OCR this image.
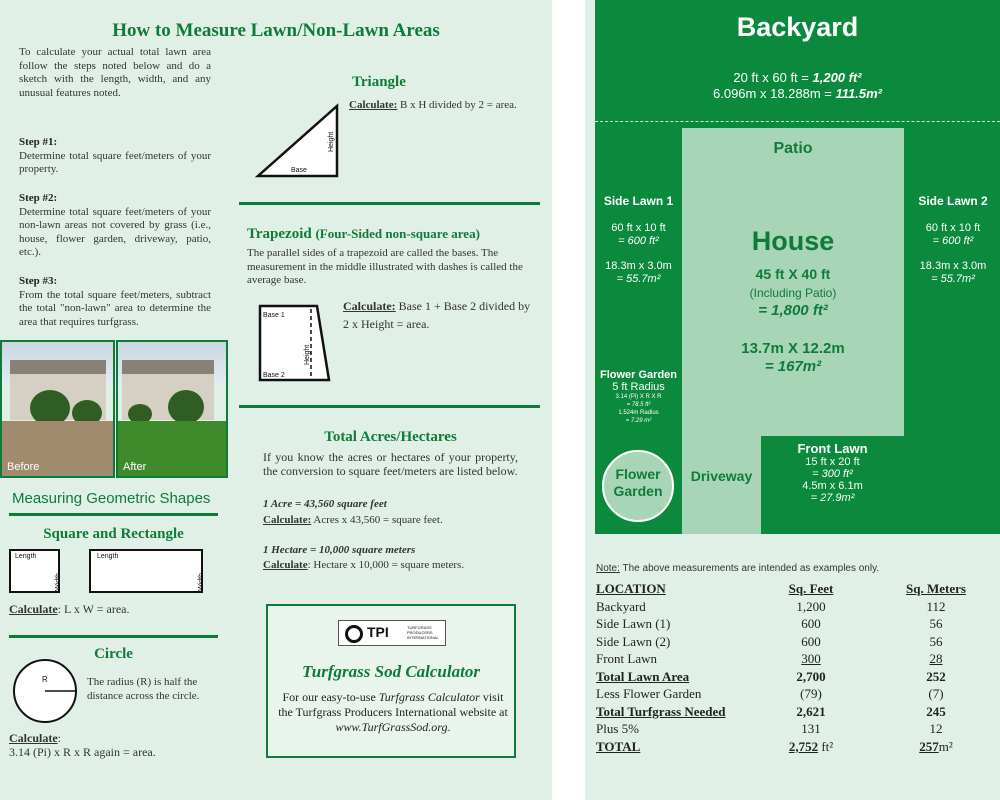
How to Measure Lawn/Non-Lawn Areas
To calculate your actual total lawn area follow the steps noted below and do a sketch with the length, width, and any unusual features noted.
Step #1:
Determine total square feet/meters of your property.
Step #2:
Determine total square feet/meters of your non-lawn areas not covered by grass (i.e., house, flower garden, driveway, patio, etc.).
Step #3:
From the total square feet/meters, subtract the total "non-lawn" area to determine the area that requires turfgrass.
Before	After
Measuring Geometric Shapes
Square and Rectangle
Length
Width
Length
Width
Calculate: L x W = area.
Circle
R	The radius (R) is half the distance across the circle.
Calculate:
3.14 (Pi) x R x R again = area.
Triangle
Calculate: B x H divided by 2 = area.
Base
Height
Trapezoid (Four-Sided non-square area)
The parallel sides of a trapezoid are called the bases. The measurement in the middle illustrated with dashes is called the average base.
Base 1
Base 2
Height
Calculate: Base 1 + Base 2 divided by 2 x Height = area.
Total Acres/Hectares
If you know the acres or hectares of your property, the conversion to square feet/meters are listed below.
1 Acre = 43,560 square feet
Calculate: Acres x 43,560 = square feet.
1 Hectare = 10,000 square meters
Calculate: Hectare x 10,000 = square meters.
TPI	TURFGRASS PRODUCERS INTERNATIONAL
Turfgrass Sod Calculator
For our easy-to-use Turfgrass Calculator visit the Turfgrass Producers International website at www.TurfGrassSod.org.
Backyard
20 ft x 60 ft = 1,200 ft²
6.096m x 18.288m = 111.5m²
Patio
House
45 ft X 40 ft
(Including Patio)
= 1,800 ft²
13.7m X 12.2m
= 167m²
Side Lawn 1
60 ft x 10 ft
= 600 ft²
18.3m x 3.0m
= 55.7m²
Side Lawn 2
60 ft x 10 ft
= 600 ft²
18.3m x 3.0m
= 55.7m²
Flower Garden
5 ft Radius
3.14 (Pi) X R X R
= 78.5 ft²
1.524m Radius
= 7.29 m²
Flower
Garden
Driveway
Front Lawn
15 ft x 20 ft
= 300 ft²
4.5m x 6.1m
= 27.9m²
Note: The above measurements are intended as examples only.
LOCATION	Sq. Feet	Sq. Meters
Backyard	1,200	112
Side Lawn (1)	600	56
Side Lawn (2)	600	56
Front Lawn	300	28
Total Lawn Area	2,700	252
Less Flower Garden	(79)	(7)
Total Turfgrass Needed	2,621	245
Plus 5%	131	12
TOTAL	2,752 ft²	257m²
